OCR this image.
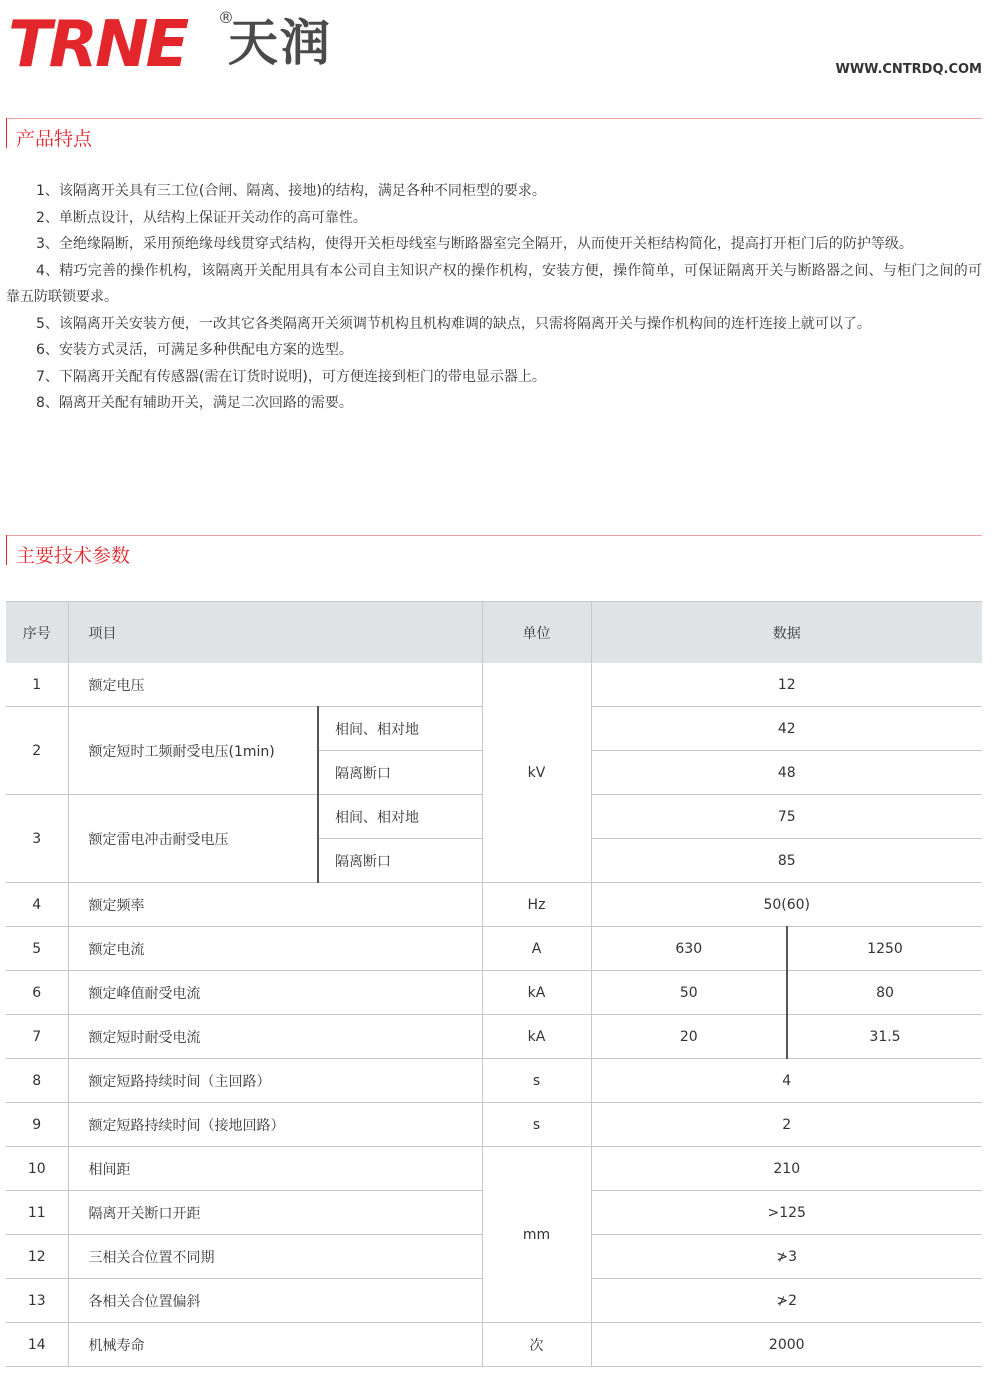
TRNE ®
天润	WWW.CNTRDQ.COM
产品特点
1、该隔离开关具有三工位(合闸、隔离、接地)的结构，满足各种不同柜型的要求。
2、单断点设计，从结构上保证开关动作的高可靠性。
3、全绝缘隔断，采用预绝缘母线贯穿式结构，使得开关柜母线室与断路器室完全隔开，从而使开关柜结构简化，提高打开柜门后的防护等级。
4、精巧完善的操作机构，该隔离开关配用具有本公司自主知识产权的操作机构，安装方便，操作简单，可保证隔离开关与断路器之间、与柜门之间的可靠五防联锁要求。
5、该隔离开关安装方便，一改其它各类隔离开关须调节机构且机构难调的缺点，只需将隔离开关与操作机构间的连杆连接上就可以了。
6、安装方式灵活，可满足多种供配电方案的选型。
7、下隔离开关配有传感器(需在订货时说明)，可方便连接到柜门的带电显示器上。
8、隔离开关配有辅助开关，满足二次回路的需要。
主要技术参数
序号	项目		单位	数据	
1	额定电压		kV	12	
2	额定短时工频耐受电压(1min)	相间、相对地		42	
		隔离断口		48	
3	额定雷电冲击耐受电压	相间、相对地		75	
		隔离断口		85	
4	额定频率		Hz	50(60)	
5	额定电流		A	630	1250
6	额定峰值耐受电流		kA	50	80
7	额定短时耐受电流		kA	20	31.5
8	额定短路持续时间（主回路）		s	4	
9	额定短路持续时间（接地回路）		s	2	
10	相间距		mm	210	
11	隔离开关断口开距			>125	
12	三相关合位置不同期			≯3	
13	各相关合位置偏斜			≯2	
14	机械寿命		次	2000	
